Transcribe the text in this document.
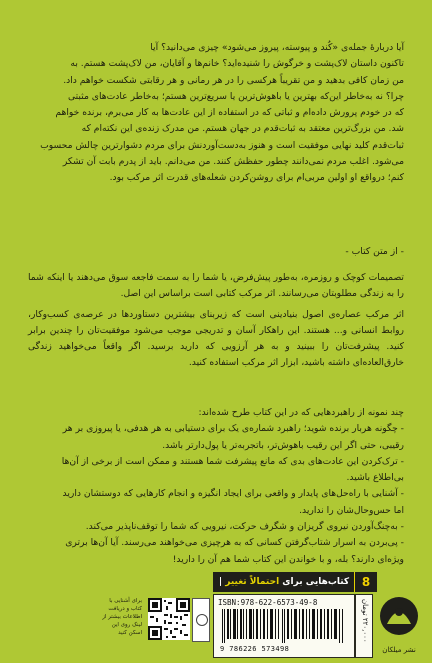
آیا دربارهٔ جمله‌ی «کُند و پیوسته، پیروز می‌شود» چیزی می‌دانید؟ آیا

تاکنون داستان لاک‌پشت و خرگوش را شنیده‌اید؟ خانم‌ها و آقایان، من لاک‌پشت هستم. به

من زمان کافی بدهید و من تقریباً هرکسی را در هر رمانی و هر رقابتی شکست خواهم داد.

چرا؟ نه به‌خاطر این‌که بهترین یا باهوش‌ترین یا سریع‌ترین هستم؛ به‌خاطر عادت‌های مثبتی

که در خودم پرورش داده‌ام و ثباتی که در استفاده از این عادت‌ها به کار می‌برم، برنده خواهم

شد. من بزرگ‌ترین معتقد به ثبات‌قدم در جهان هستم. من مدرک زنده‌ی این نکته‌ام که

ثبات‌قدم کلید نهایی موفقیت است و هنوز به‌دست‌آوردنش برای مردم دشوارترین چالش محسوب

می‌شود. اغلب مردم نمی‌دانند چطور حفظش کنند. من می‌دانم. باید از پدرم بابت آن تشکر

کنم؛ درواقع او اولین مربی‌ام برای روشن‌کردن شعله‌های قدرت اثر مرکب بود.

- از متن کتاب -

تصمیمات کوچک و روزمره، به‌طور پیش‌فرض، یا شما را به سمت فاجعه سوق می‌دهند یا اینکه شما را به زندگی مطلوبتان می‌رسانند. اثر مرکب کتابی است براساس این اصل.

اثر مرکب عصاره‌ی اصول بنیادینی است که زیربنای بیشترین دستاوردها در عرصه‌ی کسب‌وکار، روابط انسانی و... هستند. این راهکار آسان و تدریجی موجب می‌شود موفقیت‌تان را چندین برابر کنید. پیشرفت‌تان را ببینید و به هر آرزویی که دارید برسید. اگر واقعاً می‌خواهید زندگی خارق‌العاده‌ای داشته باشید، ابزار اثر مرکب استفاده کنید.

چند نمونه از راهبردهایی که در این کتاب طرح شده‌اند:

- چگونه هربار برنده شوید؛ راهبرد شماره‌ی یک برای دستیابی به هر هدفی، یا پیروزی بر هر

رقیبی، حتی اگر این رقیب باهوش‌تر، باتجربه‌تر یا پول‌دارتر باشد.

- ترک‌کردن این عادت‌های بدی که مانع پیشرفت شما هستند و ممکن است از برخی از آن‌ها

بی‌اطلاع باشید.

- آشنایی با راه‌حل‌های پایدار و واقعی برای ایجاد انگیزه و انجام کارهایی که دوستشان دارید

اما حس‌وحال‌شان را ندارید.

- به‌چنگ‌آوردن نیروی گریزان و شگرف حرکت، نیرویی که شما را توقف‌ناپذیر می‌کند.

- پی‌بردن به اسرار شتاب‌گرفتن کسانی که به هرچیزی می‌خواهند می‌رسند. آیا آن‌ها برتری

ویژه‌ای دارند؟ بله، و با خواندن این کتاب شما هم آن را دارید!

کتاب‌هایی برای احتمالاً تغییر |	8
ISBN:978-622-6573-49-8
9 786226 573498
۲۲۰,۰۰۰ تومان
نشر میلکان
برای آشنایی با کتاب و دریافت اطلاعات بیشتر از لینک روی این اسکن کنید
